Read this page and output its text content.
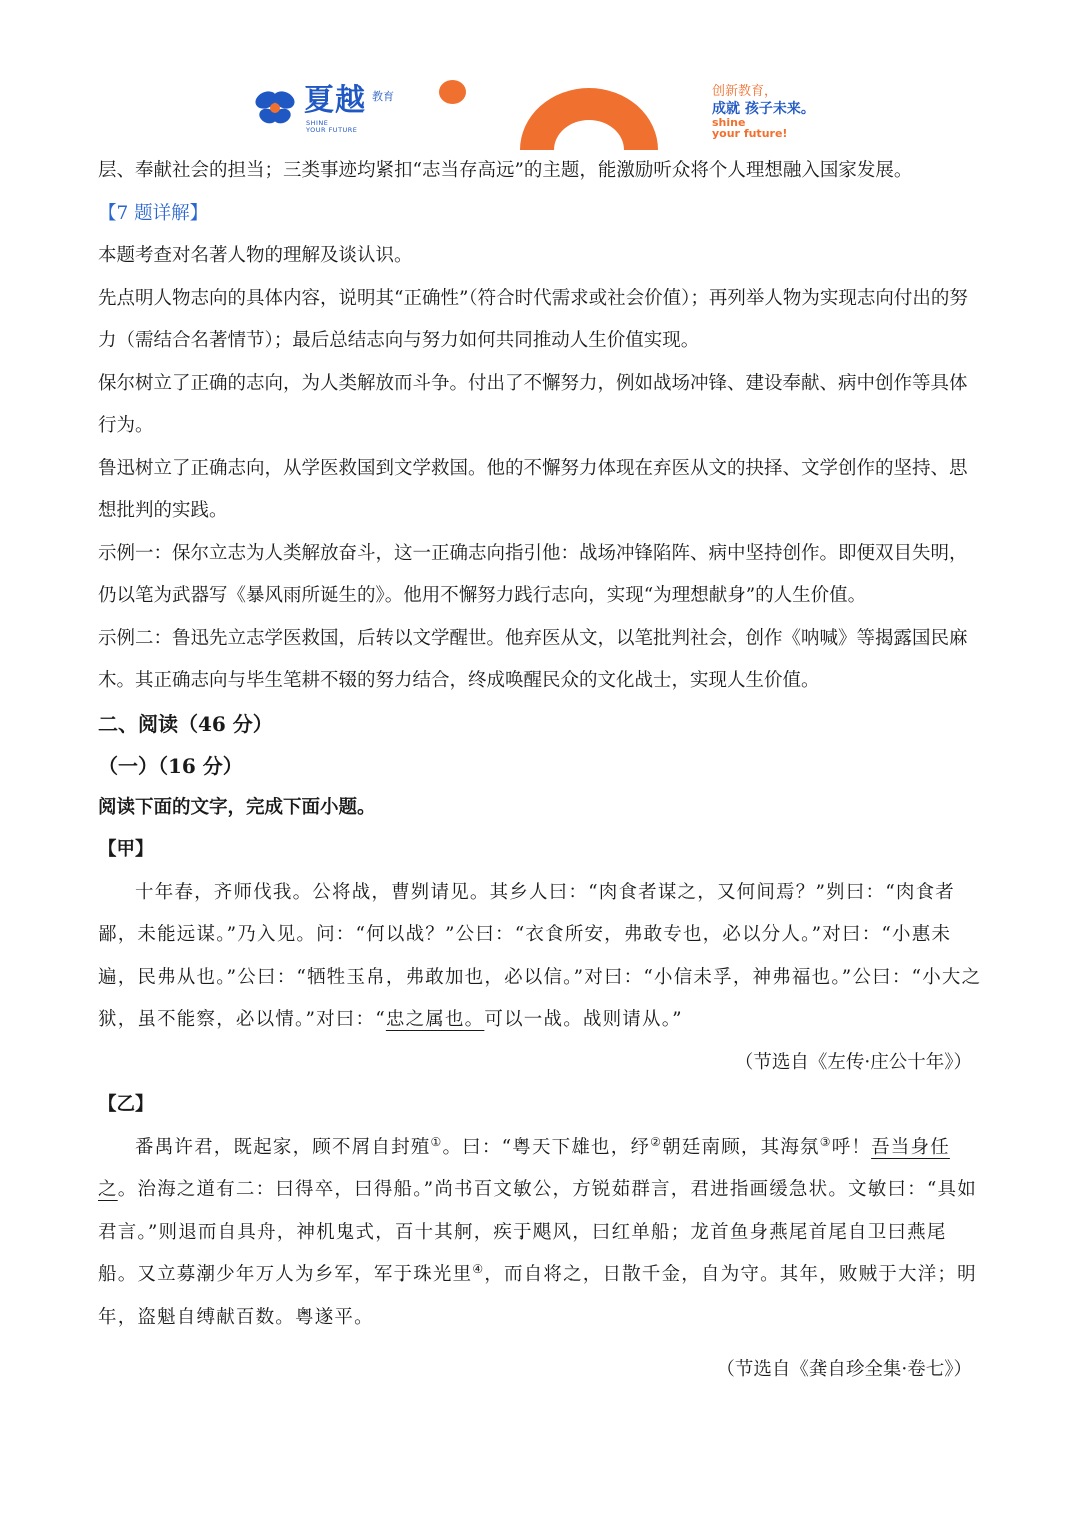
夏越 教育
SHINE
YOUR FUTURE
创新教育，
成就 孩子未来。
shine
your future!

层、奉献社会的担当；三类事迹均紧扣“志当存高远”的主题，能激励听众将个人理想融入国家发展。

【7 题详解】

本题考查对名著人物的理解及谈认识。

先点明人物志向的具体内容，说明其“正确性”（符合时代需求或社会价值）；再列举人物为实现志向付出的努力（需结合名著情节）；最后总结志向与努力如何共同推动人生价值实现。

保尔树立了正确的志向，为人类解放而斗争。付出了不懈努力，例如战场冲锋、建设奉献、病中创作等具体行为。

鲁迅树立了正确志向，从学医救国到文学救国。他的不懈努力体现在弃医从文的抉择、文学创作的坚持、思想批判的实践。

示例一：保尔立志为人类解放奋斗，这一正确志向指引他：战场冲锋陷阵、病中坚持创作。即便双目失明，仍以笔为武器写《暴风雨所诞生的》。他用不懈努力践行志向，实现“为理想献身”的人生价值。

示例二：鲁迅先立志学医救国，后转以文学醒世。他弃医从文，以笔批判社会，创作《呐喊》等揭露国民麻木。其正确志向与毕生笔耕不辍的努力结合，终成唤醒民众的文化战士，实现人生价值。

二、阅读（46 分）

（一）（16 分）

阅读下面的文字，完成下面小题。

【甲】

十年春，齐师伐我。公将战，曹刿请见。其乡人曰：“肉食者谋之，又何间焉？”刿曰：“肉食者鄙，未能远谋。”乃入见。问：“何以战？”公曰：“衣食所安，弗敢专也，必以分人。”对曰：“小惠未遍，民弗从也。”公曰：“牺牲玉帛，弗敢加也，必以信。”对曰：“小信未孚，神弗福也。”公曰：“小大之狱，虽不能察，必以情。”对曰：“忠之属也。可以一战。战则请从。”

（节选自《左传·庄公十年》）

【乙】

番禺许君，既起家，顾不屑自封殖①。曰：“粤天下雄也，纾②朝廷南顾，其海氛③呼！吾当身任之。治海之道有二：曰得卒，曰得船。”尚书百文敏公，方锐茹群言，君进指画缓急状。文敏曰：“具如君言。”则退而自具舟，神机鬼式，百十其舸，疾于飓风，曰红单船；龙首鱼身燕尾首尾自卫曰燕尾船。又立募潮少年万人为乡军，军于珠光里④，而自将之，日散千金，自为守。其年，败贼于大洋；明年，盗魁自缚献百数。粤遂平。

（节选自《龚自珍全集·卷七》）
